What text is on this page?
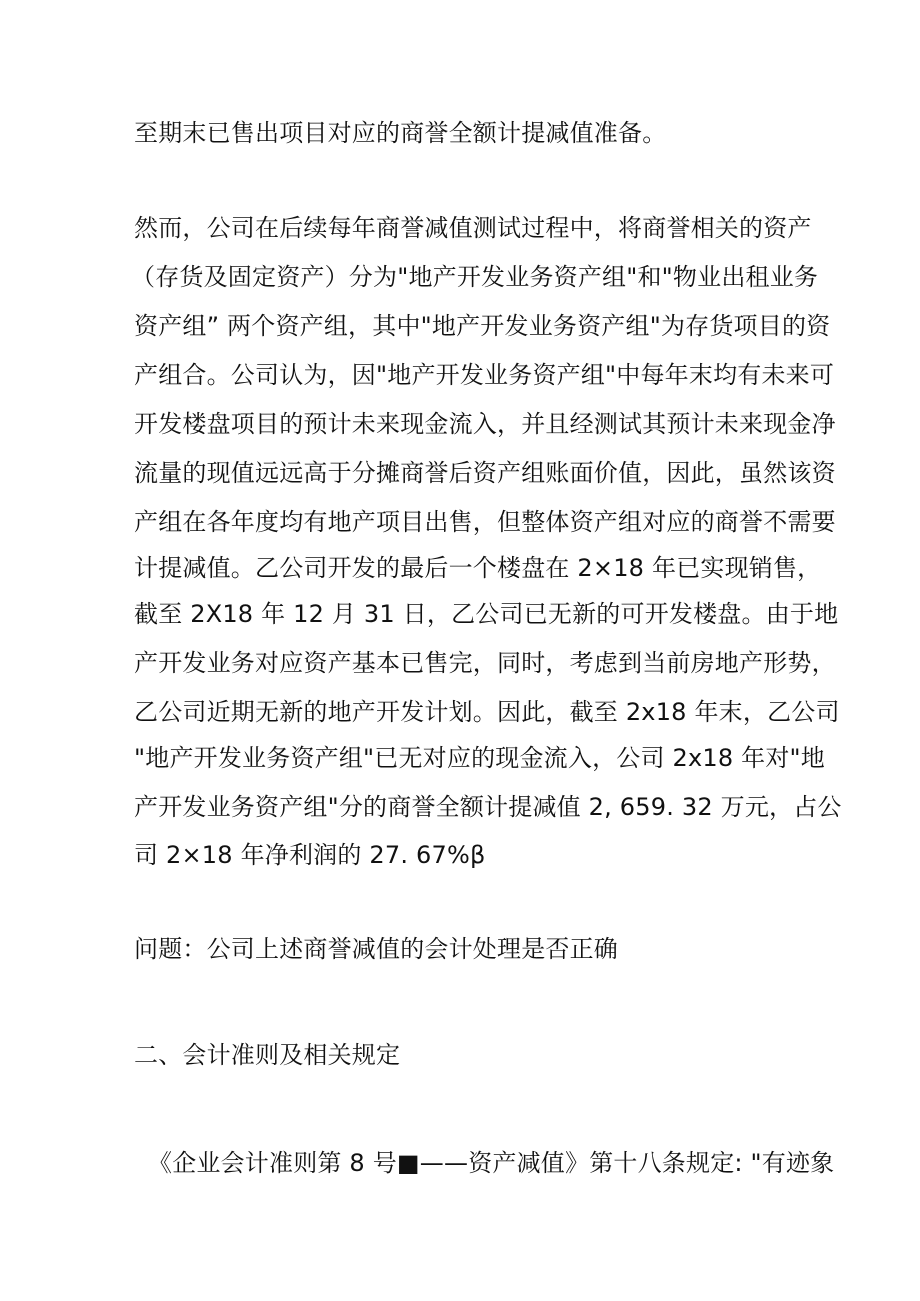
至期末已售出项目对应的商誉全额计提减值准备。
然而，公司在后续每年商誉减值测试过程中，将商誉相关的资产
（存货及固定资产）分为"地产开发业务资产组"和"物业出租业务
资产组” 两个资产组，其中"地产开发业务资产组"为存货项目的资
产组合。公司认为，因"地产开发业务资产组"中每年末均有未来可
开发楼盘项目的预计未来现金流入，并且经测试其预计未来现金净
流量的现值远远高于分摊商誉后资产组账面价值，因此，虽然该资
产组在各年度均有地产项目出售，但整体资产组对应的商誉不需要
计提减值。乙公司开发的最后一个楼盘在 2×18 年已实现销售，
截至 2X18 年 12 月 31 日，乙公司已无新的可开发楼盘。由于地
产开发业务对应资产基本已售完，同时，考虑到当前房地产形势，
乙公司近期无新的地产开发计划。因此，截至 2x18 年末，乙公司
"地产开发业务资产组"已无对应的现金流入，公司 2x18 年对"地
产开发业务资产组"分的商誉全额计提减值 2, 659. 32 万元，占公
司 2×18 年净利润的 27. 67%β
问题：公司上述商誉减值的会计处理是否正确
二、会计准则及相关规定
《企业会计准则第 8 号■——资产减值》第十八条规定: "有迹象
